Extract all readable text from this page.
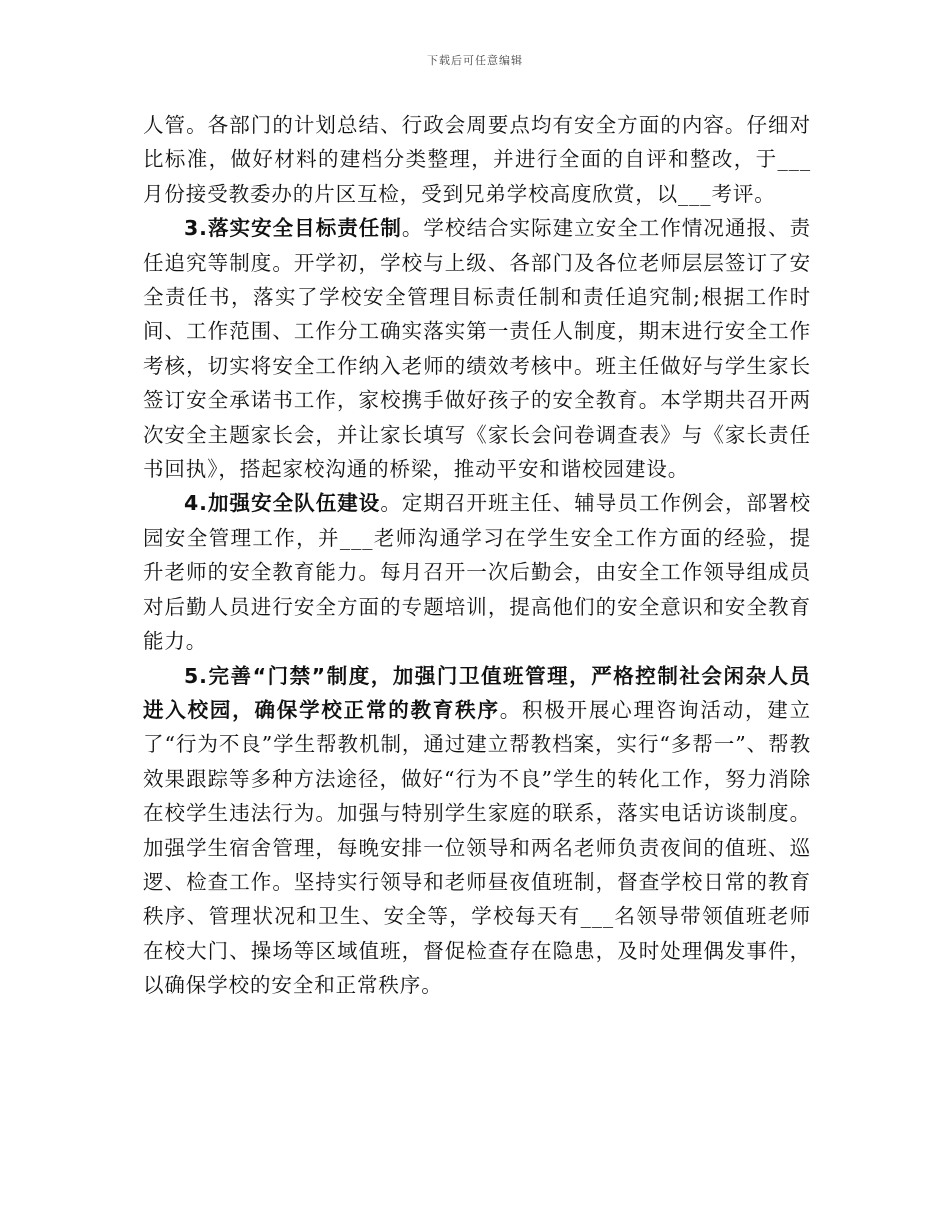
下载后可任意编辑

人管。各部门的计划总结、行政会周要点均有安全方面的内容。仔细对比标准，做好材料的建档分类整理，并进行全面的自评和整改，于___月份接受教委办的片区互检，受到兄弟学校高度欣赏，以___考评。

3.落实安全目标责任制。学校结合实际建立安全工作情况通报、责任追究等制度。开学初，学校与上级、各部门及各位老师层层签订了安全责任书，落实了学校安全管理目标责任制和责任追究制;根据工作时间、工作范围、工作分工确实落实第一责任人制度，期末进行安全工作考核，切实将安全工作纳入老师的绩效考核中。班主任做好与学生家长签订安全承诺书工作，家校携手做好孩子的安全教育。本学期共召开两次安全主题家长会，并让家长填写《家长会问卷调查表》与《家长责任书回执》，搭起家校沟通的桥梁，推动平安和谐校园建设。

4.加强安全队伍建设。定期召开班主任、辅导员工作例会，部署校园安全管理工作，并___老师沟通学习在学生安全工作方面的经验，提升老师的安全教育能力。每月召开一次后勤会，由安全工作领导组成员对后勤人员进行安全方面的专题培训，提高他们的安全意识和安全教育能力。

5.完善“门禁”制度，加强门卫值班管理，严格控制社会闲杂人员进入校园，确保学校正常的教育秩序。积极开展心理咨询活动，建立了“行为不良”学生帮教机制，通过建立帮教档案，实行“多帮一”、帮教效果跟踪等多种方法途径，做好“行为不良”学生的转化工作，努力消除在校学生违法行为。加强与特别学生家庭的联系，落实电话访谈制度。加强学生宿舍管理，每晚安排一位领导和两名老师负责夜间的值班、巡逻、检查工作。坚持实行领导和老师昼夜值班制，督查学校日常的教育秩序、管理状况和卫生、安全等，学校每天有___名领导带领值班老师在校大门、操场等区域值班，督促检查存在隐患，及时处理偶发事件，以确保学校的安全和正常秩序。
